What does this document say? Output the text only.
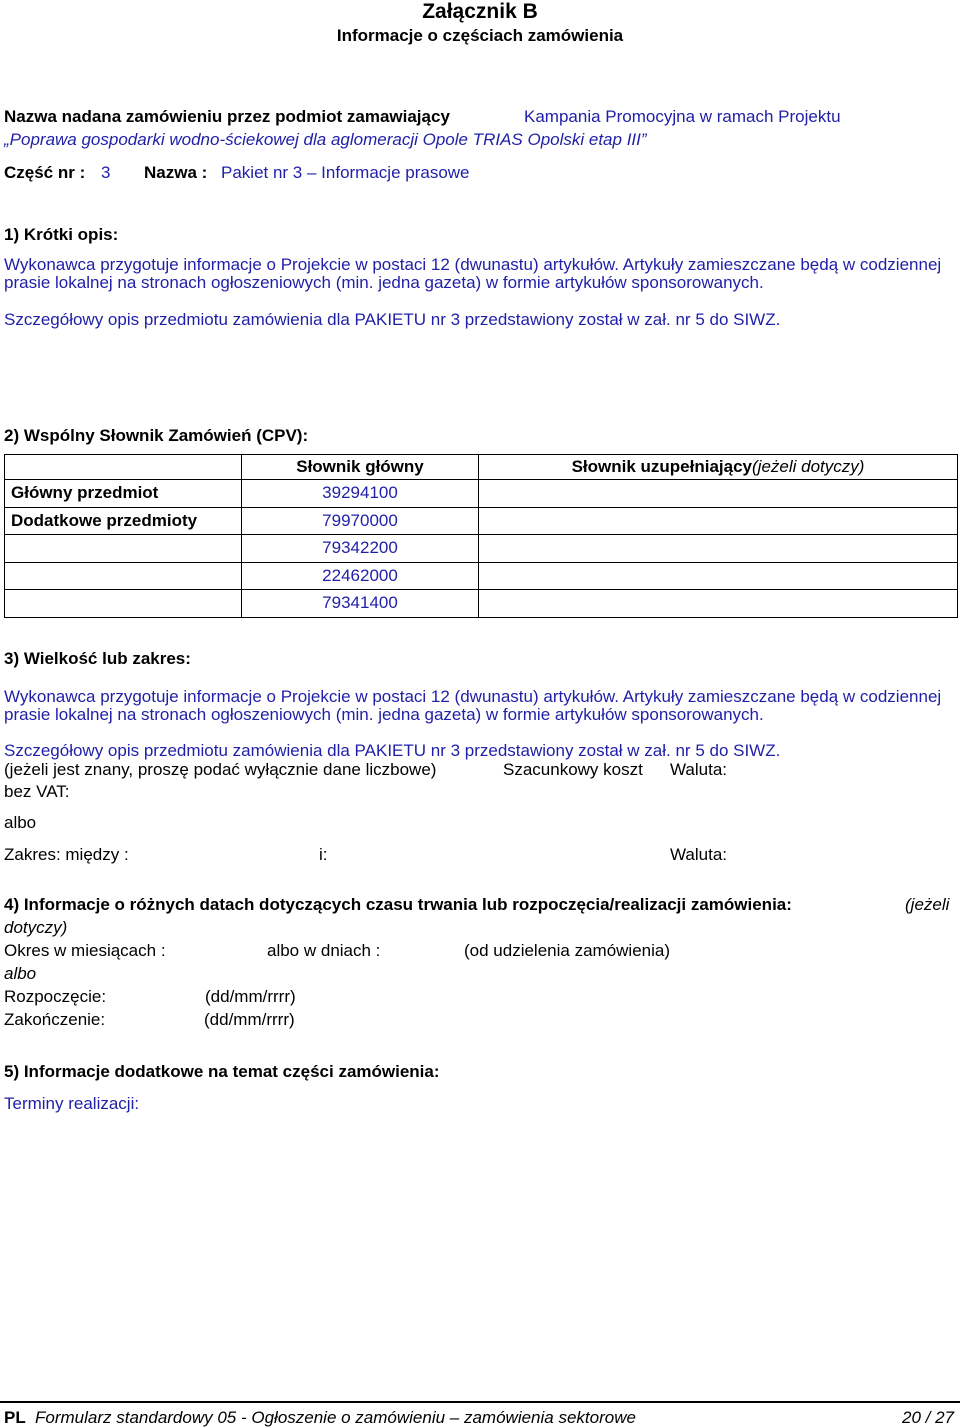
Załącznik B
Informacje o częściach zamówienia
Nazwa nadana zamówieniu przez podmiot zamawiający	Kampania Promocyjna w ramach Projektu
„Poprawa gospodarki wodno-ściekowej dla aglomeracji Opole TRIAS Opolski etap III”
Część nr : 3 Nazwa : Pakiet nr 3 – Informacje prasowe
1) Krótki opis:
Wykonawca przygotuje informacje o Projekcie w postaci 12 (dwunastu) artykułów. Artykuły zamieszczane będą w codziennej prasie lokalnej na stronach ogłoszeniowych (min. jedna gazeta) w formie artykułów sponsorowanych.
Szczegółowy opis przedmiotu zamówienia dla PAKIETU nr 3 przedstawiony został w zał. nr 5 do SIWZ.
2) Wspólny Słownik Zamówień (CPV):
	Słownik główny	Słownik uzupełniający(jeżeli dotyczy)
Główny przedmiot	39294100	
Dodatkowe przedmioty	79970000	
	79342200	
	22462000	
	79341400	
3) Wielkość lub zakres:
Wykonawca przygotuje informacje o Projekcie w postaci 12 (dwunastu) artykułów. Artykuły zamieszczane będą w codziennej prasie lokalnej na stronach ogłoszeniowych (min. jedna gazeta) w formie artykułów sponsorowanych.
Szczegółowy opis przedmiotu zamówienia dla PAKIETU nr 3 przedstawiony został w zał. nr 5 do SIWZ.
(jeżeli jest znany, proszę podać wyłącznie dane liczbowe)	Szacunkowy koszt Waluta:
bez VAT:
albo
Zakres: między :	i:	Waluta:
4) Informacje o różnych datach dotyczących czasu trwania lub rozpoczęcia/realizacji zamówienia:	(jeżeli
dotyczy)
Okres w miesiącach :	albo w dniach :	(od udzielenia zamówienia)
albo
Rozpoczęcie:	(dd/mm/rrrr)
Zakończenie:	(dd/mm/rrrr)
5) Informacje dodatkowe na temat części zamówienia:
Terminy realizacji:
PL Formularz standardowy 05 - Ogłoszenie o zamówieniu – zamówienia sektorowe	20 / 27
